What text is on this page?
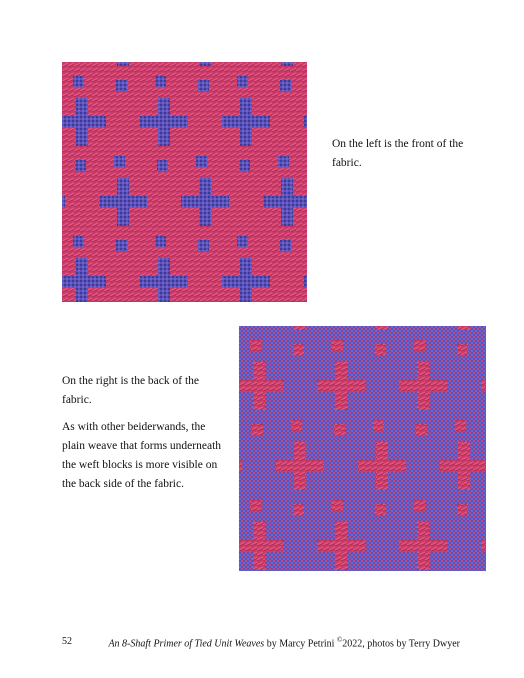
On the left is the front of the fabric.

On the right is the back of the fabric.

As with other beiderwands, the plain weave that forms underneath the weft blocks is more visible on the back side of the fabric.

52	An 8-Shaft Primer of Tied Unit Weaves by Marcy Petrini ©2022, photos by Terry Dwyer
